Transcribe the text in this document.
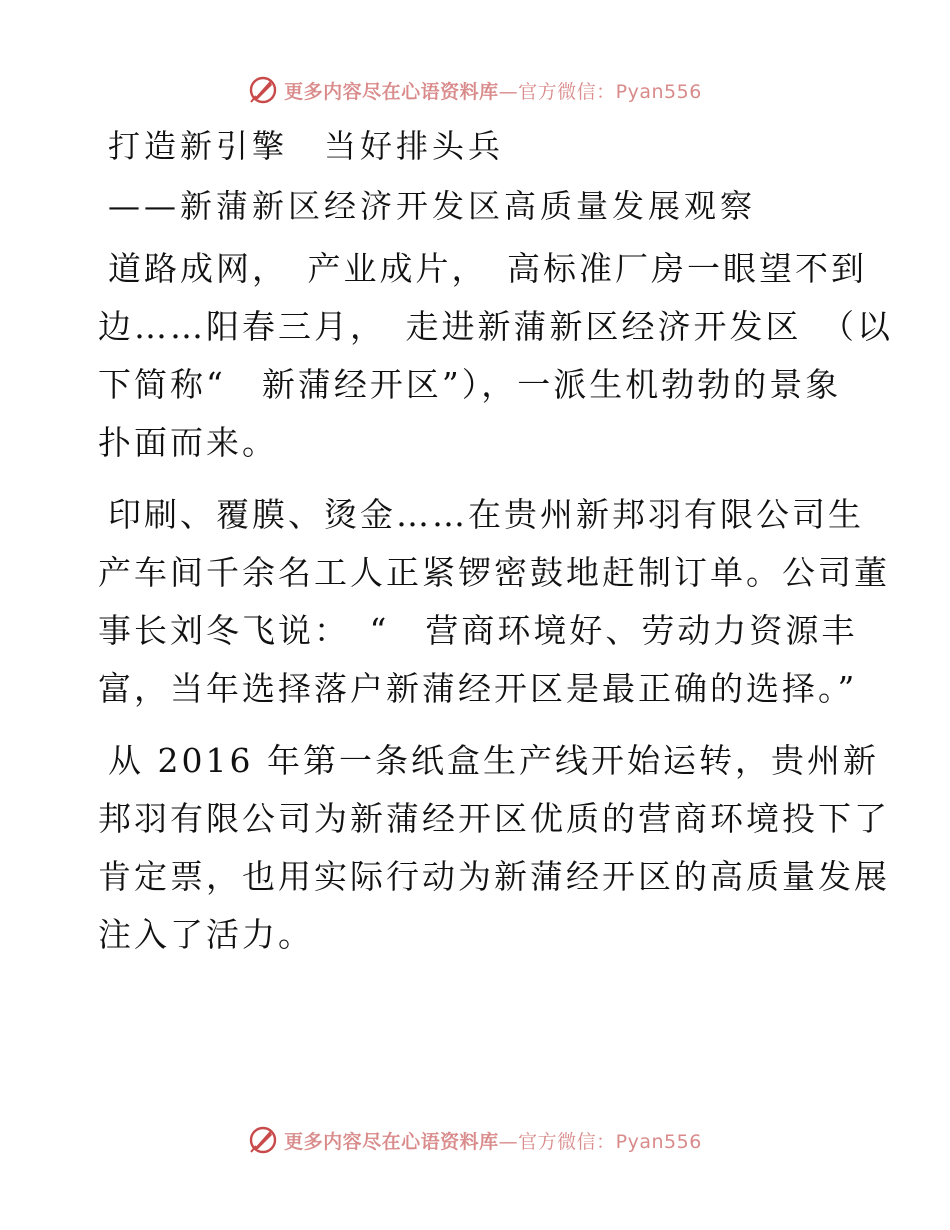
更多内容尽在心语资料库—官方微信：Pyan556

打造新引擎　当好排头兵

——新蒲新区经济开发区高质量发展观察

道路成网，　产业成片，　高标准厂房一眼望不到

边……阳春三月，　走进新蒲新区经济开发区　（以

下简称“　新蒲经开区”），一派生机勃勃的景象

扑面而来。

印刷、覆膜、烫金……在贵州新邦羽有限公司生

产车间千余名工人正紧锣密鼓地赶制订单。公司董

事长刘冬飞说：　“　营商环境好、劳动力资源丰

富，当年选择落户新蒲经开区是最正确的选择。”

从 2016 年第一条纸盒生产线开始运转，贵州新

邦羽有限公司为新蒲经开区优质的营商环境投下了

肯定票，也用实际行动为新蒲经开区的高质量发展

注入了活力。

更多内容尽在心语资料库—官方微信：Pyan556
